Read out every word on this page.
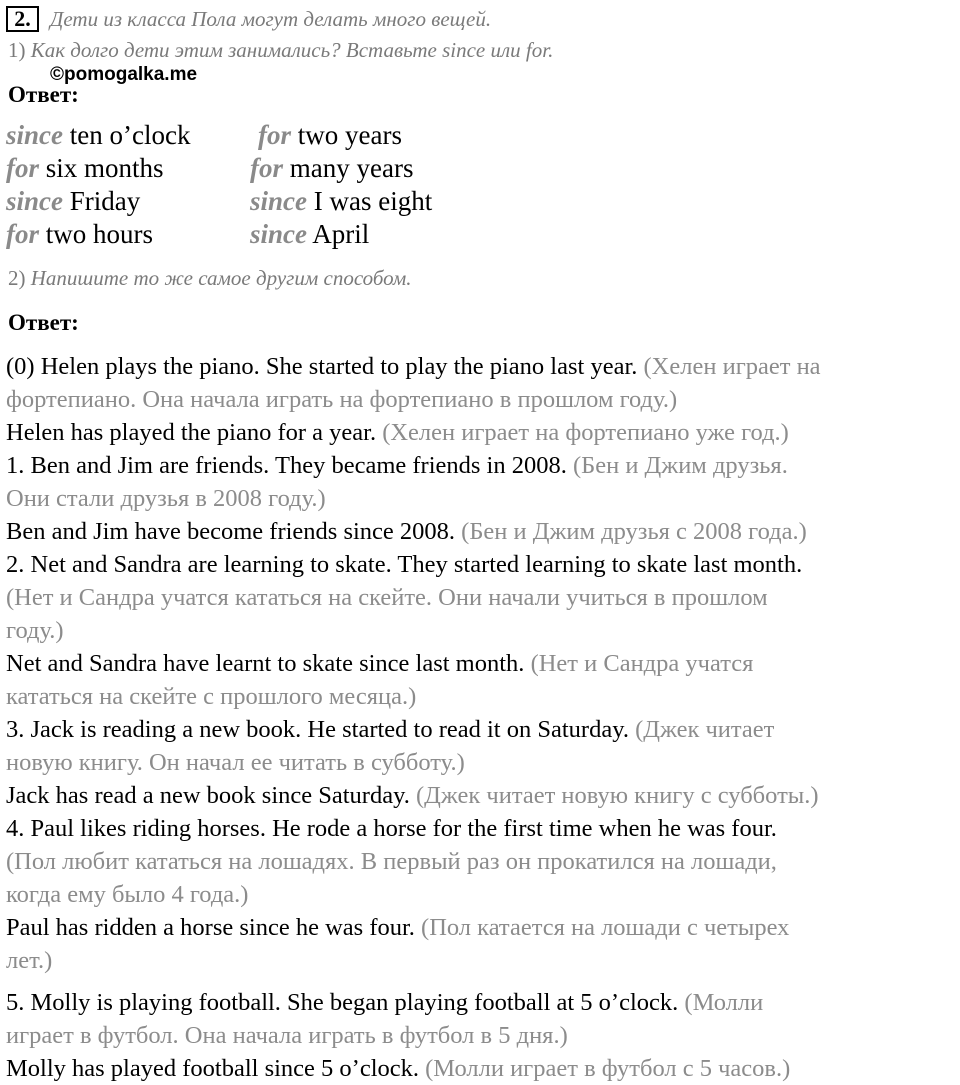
2. Дети из класса Пола могут делать много вещей.
1) Как долго дети этим занимались? Вставьте since или for.
©pomogalka.me
Ответ:
since ten o’clock	for two years
for six months	for many years
since Friday	since I was eight
for two hours	since April
2) Напишите то же самое другим способом.
Ответ:
(0) Helen plays the piano. She started to play the piano last year. (Хелен играет на
фортепиано. Она начала играть на фортепиано в прошлом году.)
Helen has played the piano for a year. (Хелен играет на фортепиано уже год.)
1. Ben and Jim are friends. They became friends in 2008. (Бен и Джим друзья.
Они стали друзья в 2008 году.)
Ben and Jim have become friends since 2008. (Бен и Джим друзья с 2008 года.)
2. Net and Sandra are learning to skate. They started learning to skate last month.
(Нет и Сандра учатся кататься на скейте. Они начали учиться в прошлом
году.)
Net and Sandra have learnt to skate since last month. (Нет и Сандра учатся
кататься на скейте с прошлого месяца.)
3. Jack is reading a new book. He started to read it on Saturday. (Джек читает
новую книгу. Он начал ее читать в субботу.)
Jack has read a new book since Saturday. (Джек читает новую книгу с субботы.)
4. Paul likes riding horses. He rode a horse for the first time when he was four.
(Пол любит кататься на лошадях. В первый раз он прокатился на лошади,
когда ему было 4 года.)
Paul has ridden a horse since he was four. (Пол катается на лошади с четырех
лет.)
5. Molly is playing football. She began playing football at 5 o’clock. (Молли
играет в футбол. Она начала играть в футбол в 5 дня.)
Molly has played football since 5 o’clock. (Молли играет в футбол с 5 часов.)
